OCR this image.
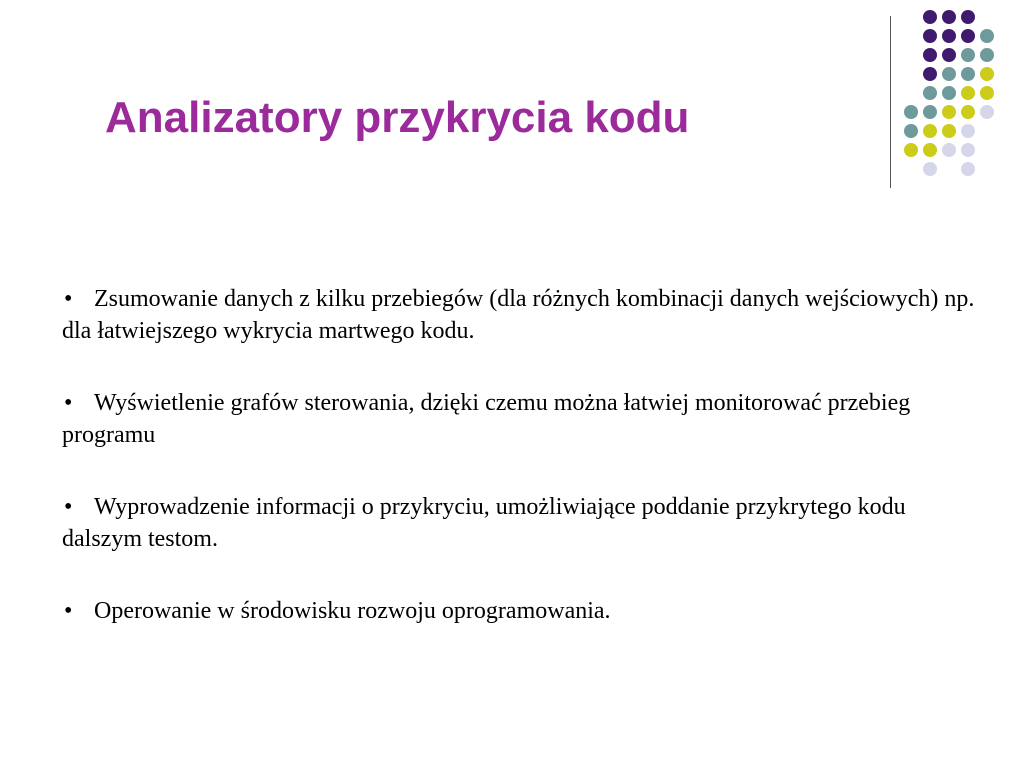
Analizatory przykrycia kodu

• Zsumowanie danych z kilku przebiegów (dla różnych kombinacji danych wejściowych) np. dla łatwiejszego wykrycia martwego kodu.

• Wyświetlenie grafów sterowania, dzięki czemu można łatwiej monitorować przebieg programu

• Wyprowadzenie informacji o przykryciu, umożliwiające poddanie przykrytego kodu dalszym testom.

• Operowanie w środowisku rozwoju oprogramowania.
